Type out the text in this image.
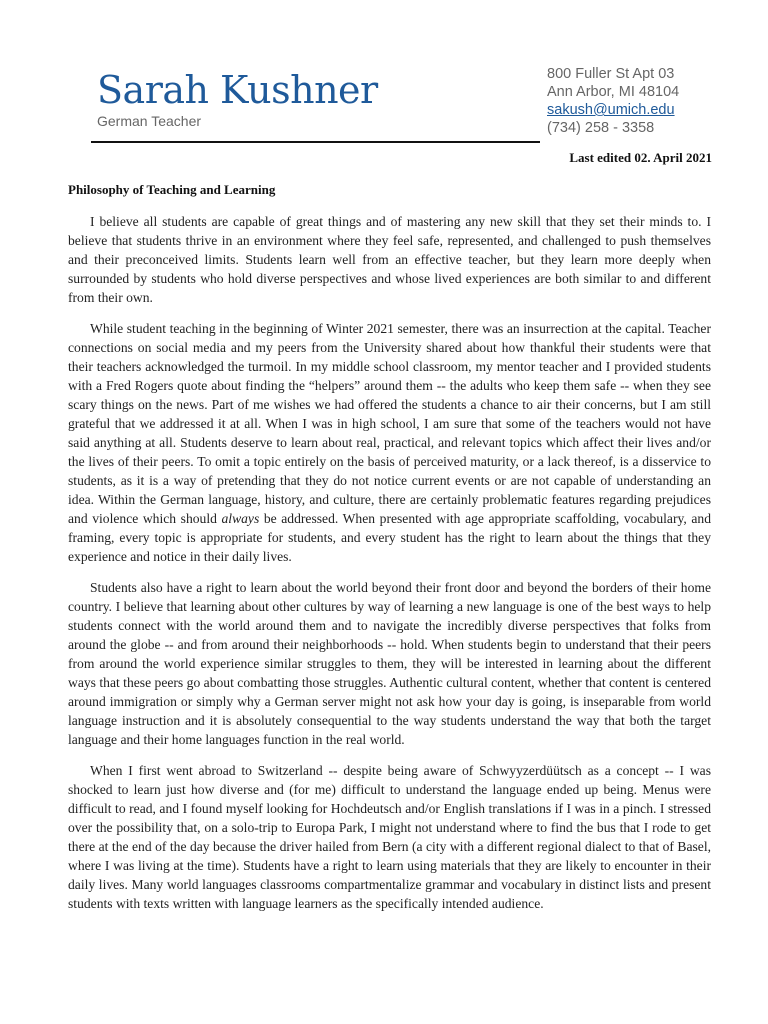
Sarah Kushner
German Teacher
800 Fuller St Apt 03
Ann Arbor, MI 48104
sakush@umich.edu
(734) 258 - 3358
Last edited 02. April 2021
Philosophy of Teaching and Learning

I believe all students are capable of great things and of mastering any new skill that they set their minds to. I believe that students thrive in an environment where they feel safe, represented, and challenged to push themselves and their preconceived limits. Students learn well from an effective teacher, but they learn more deeply when surrounded by students who hold diverse perspectives and whose lived experiences are both similar to and different from their own.

While student teaching in the beginning of Winter 2021 semester, there was an insurrection at the capital. Teacher connections on social media and my peers from the University shared about how thankful their students were that their teachers acknowledged the turmoil. In my middle school classroom, my mentor teacher and I provided students with a Fred Rogers quote about finding the “helpers” around them -- the adults who keep them safe -- when they see scary things on the news. Part of me wishes we had offered the students a chance to air their concerns, but I am still grateful that we addressed it at all. When I was in high school, I am sure that some of the teachers would not have said anything at all. Students deserve to learn about real, practical, and relevant topics which affect their lives and/or the lives of their peers. To omit a topic entirely on the basis of perceived maturity, or a lack thereof, is a disservice to students, as it is a way of pretending that they do not notice current events or are not capable of understanding an idea. Within the German language, history, and culture, there are certainly problematic features regarding prejudices and violence which should always be addressed. When presented with age appropriate scaffolding, vocabulary, and framing, every topic is appropriate for students, and every student has the right to learn about the things that they experience and notice in their daily lives.

Students also have a right to learn about the world beyond their front door and beyond the borders of their home country. I believe that learning about other cultures by way of learning a new language is one of the best ways to help students connect with the world around them and to navigate the incredibly diverse perspectives that folks from around the globe -- and from around their neighborhoods -- hold. When students begin to understand that their peers from around the world experience similar struggles to them, they will be interested in learning about the different ways that these peers go about combatting those struggles. Authentic cultural content, whether that content is centered around immigration or simply why a German server might not ask how your day is going, is inseparable from world language instruction and it is absolutely consequential to the way students understand the way that both the target language and their home languages function in the real world.

When I first went abroad to Switzerland -- despite being aware of Schwyyzerdüütsch as a concept -- I was shocked to learn just how diverse and (for me) difficult to understand the language ended up being. Menus were difficult to read, and I found myself looking for Hochdeutsch and/or English translations if I was in a pinch. I stressed over the possibility that, on a solo-trip to Europa Park, I might not understand where to find the bus that I rode to get there at the end of the day because the driver hailed from Bern (a city with a different regional dialect to that of Basel, where I was living at the time). Students have a right to learn using materials that they are likely to encounter in their daily lives. Many world languages classrooms compartmentalize grammar and vocabulary in distinct lists and present students with texts written with language learners as the specifically intended audience.
